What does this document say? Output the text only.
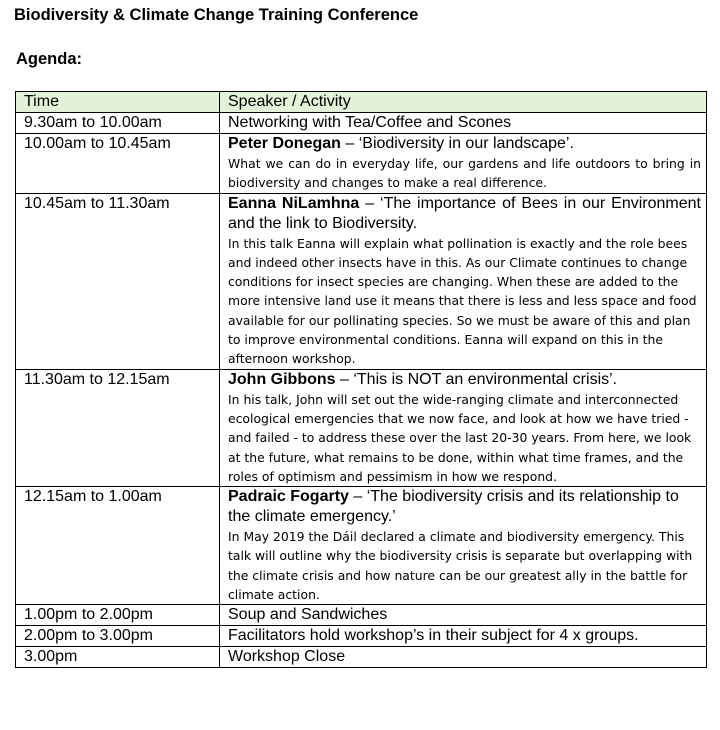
Biodiversity & Climate Change Training Conference
Agenda:
Time	Speaker / Activity
9.30am to 10.00am	Networking with Tea/Coffee and Scones
10.00am to 10.45am	Peter Donegan – ‘Biodiversity in our landscape’.
What we can do in everyday life, our gardens and life outdoors to bring in biodiversity and changes to make a real difference.

10.45am to 11.30am	Eanna NiLamhna – ‘The importance of Bees in our Environment and the link to Biodiversity.
In this talk Eanna will explain what pollination is exactly and the role bees and indeed other insects have in this. As our Climate continues to change conditions for insect species are changing. When these are added to the more intensive land use it means that there is less and less space and food available for our pollinating species. So we must be aware of this and plan to improve environmental conditions. Eanna will expand on this in the afternoon workshop.

11.30am to 12.15am	John Gibbons – ‘This is NOT an environmental crisis’.
In his talk, John will set out the wide-ranging climate and interconnected ecological emergencies that we now face, and look at how we have tried - and failed - to address these over the last 20-30 years. From here, we look at the future, what remains to be done, within what time frames, and the roles of optimism and pessimism in how we respond.

12.15am to 1.00am	Padraic Fogarty – ‘The biodiversity crisis and its relationship to the climate emergency.’
In May 2019 the Dáil declared a climate and biodiversity emergency. This talk will outline why the biodiversity crisis is separate but overlapping with the climate crisis and how nature can be our greatest ally in the battle for climate action.

1.00pm to 2.00pm	Soup and Sandwiches
2.00pm to 3.00pm	Facilitators hold workshop’s in their subject for 4 x groups.
3.00pm	Workshop Close
